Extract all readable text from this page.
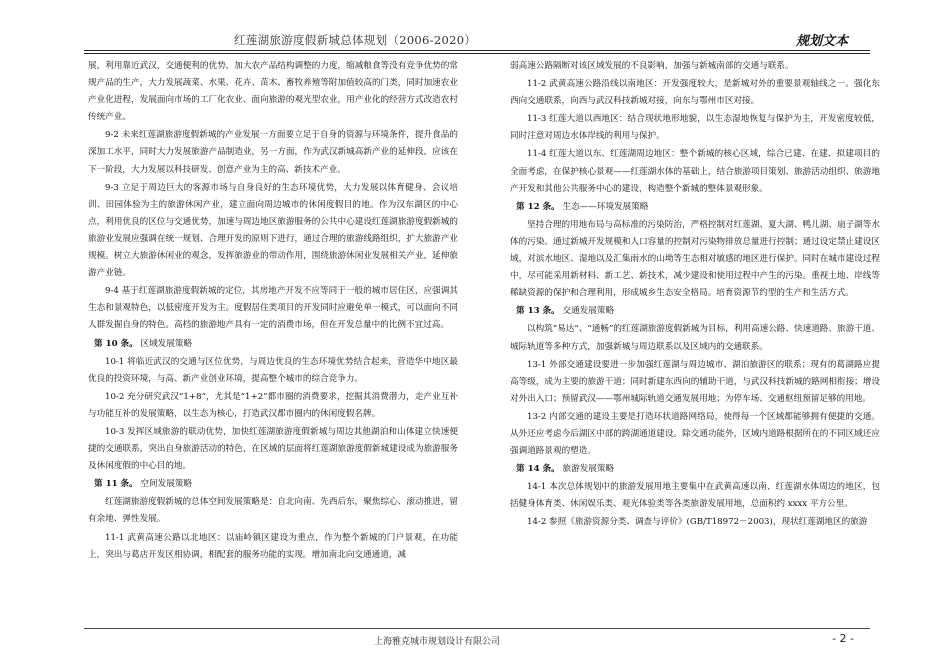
红莲湖旅游度假新城总体规划（2006-2020）	规划文本

展，利用靠近武汉，交通便利的优势，加大农产品结构调整的力度，缩减粮食等没有竞争优势的常规产品的生产，大力发展蔬菜、水果、花卉、苗木、畜牧养殖等附加值较高的门类，同时加速农业产业化进程，发展面向市场的工厂化农业、面向旅游的观光型农业，用产业化的经营方式改造农村传统产业。

9-2 未来红莲湖旅游度假新城的产业发展一方面要立足于自身的资源与环境条件，提升食品的深加工水平，同时大力发展旅游产品制造业，另一方面，作为武汉新城高新产业的延伸段，应该在下一阶段，大力发展以科技研发、创意产业为主的高、新技术产业。

9-3 立足于周边巨大的客源市场与自身良好的生态环境优势，大力发展以体育健身、会议培训、田园体验为主的旅游休闲产业，建立面向周边城市的休闲度假目的地。作为汉东湖区的中心点，利用优良的区位与交通优势，加速与周边地区旅游服务的公共中心建设红莲湖旅游度假新城的旅游业发展应强调在统一规划、合理开发的原则下进行，通过合理的旅游线路组织，扩大旅游产业规模。树立大旅游休闲业的观念，发挥旅游业的带动作用，围绕旅游休闲业发展相关产业，延伸旅游产业链。

9-4 基于红莲湖旅游度假新城的定位，其房地产开发不应等同于一般的城市居住区，应强调其生态和景观特色，以低密度开发为主。度假居住类项目的开发同时应避免单一模式，可以面向不同人群发掘自身的特色。高档的旅游地产具有一定的消费市场，但在开发总量中的比例不宜过高。

第 10 条。 区域发展策略

10-1 将临近武汉的交通与区位优势，与周边优良的生态环境优势结合起来，营造华中地区最优良的投资环境，与高、新产业创业环境，提高整个城市的综合竞争力。

10-2 充分研究武汉“1+8”，尤其是“1+2”都市圈的消费要求，挖掘其消费潜力，走产业互补与功能互补的发展策略，以生态为核心，打造武汉都市圈内的休闲度假名牌。

10-3 发挥区域旅游的联动优势，加快红莲湖旅游度假新城与周边其他湖泊和山体建立快速便捷的交通联系，突出自身旅游活动的特色，在区域的层面将红莲湖旅游度假新城建设成为旅游服务及休闲度假的中心目的地。

第 11 条。 空间发展策略

红莲湖旅游度假新城的总体空间发展策略是：自北向南、先西后东，聚焦综心、滚动推进，留有余地、弹性发展。

11-1 武黄高速公路以北地区：以庙岭镇区建设为重点，作为整个新城的门户景观，在功能上，突出与葛店开发区相协调，相配套的服务功能的实现。增加南北向交通通道，减

弱高速公路隔断对该区域发展的不良影响，加强与新城南部的交通与联系。

11-2 武黄高速公路沿线以南地区：开发强度较大，是新城对外的重要景观轴线之一。强化东西向交通联系，向西与武汉科技新城对接，向东与鄂州市区对接。

11-3 红莲大道以西地区：结合现状地形地貌，以生态湿地恢复与保护为主，开发密度较低，同时注意对周边水体岸线的利用与保护。

11-4 红莲大道以东、红莲湖周边地区：整个新城的核心区域，综合已建、在建、拟建项目的全面考虑，在保护核心景观——红莲湖水体的基础上，结合旅游项目策划、旅游活动组织、旅游地产开发和其他公共服务中心的建设，构造整个新城的整体景观形象。

第 12 条。 生态——环境发展策略

坚持合理的用地布局与高标准的污染防治，严格控制对红莲湖、夏大湖、鸭儿湖、扇子湖等水体的污染。通过新城开发规模和人口容量的控制对污染物排放总量进行控制；通过设定禁止建设区域，对滨水地区、湿地以及汇集雨水的山坳等生态相对敏感的地区进行保护。同时在城市建设过程中，尽可能采用新材料、新工艺、新技术，减少建设和使用过程中产生的污染。重视土地、岸线等稀缺资源的保护和合理利用，形成城乡生态安全格局。培育资源节约型的生产和生活方式。

第 13 条。 交通发展策略

以构筑“易达”、“通畅”的红莲湖旅游度假新城为目标，利用高速公路、快速道路、旅游干道、城际轨道等多种方式，加强新城与周边联系以及区域内的交通联系。

13-1 外部交通建设要进一步加强红莲湖与周边城市、湖泊旅游区的联系；现有的葛湖路应提高等级，成为主要的旅游干道；同时新建东西向的辅助干道，与武汉科技新城的路网相衔接；增设对外出入口；预留武汉——鄂州城际轨道交通发展用地；为停车场、交通枢纽预留足够的用地。

13-2 内部交通的建设主要是打造环状道路网络局，使得每一个区域都能够拥有便捷的交通。从外还应考虑今后湖区中部的跨湖通道建设。除交通功能外，区域内道路根据所在的不同区域还应强调道路景观的塑造。

第 14 条。 旅游发展策略

14-1 本次总体规划中的旅游发展用地主要集中在武黄高速以南、红莲湖水体周边的地区，包括健身体育类、休闲娱乐类、观光体验类等各类旅游发展用地，总面积约 xxxx 平方公里。

14-2 参照《旅游资源分类、调查与评价》(GB/T18972－2003)，现状红莲湖地区的旅游

上海雅克城市规划设计有限公司	- 2 -
